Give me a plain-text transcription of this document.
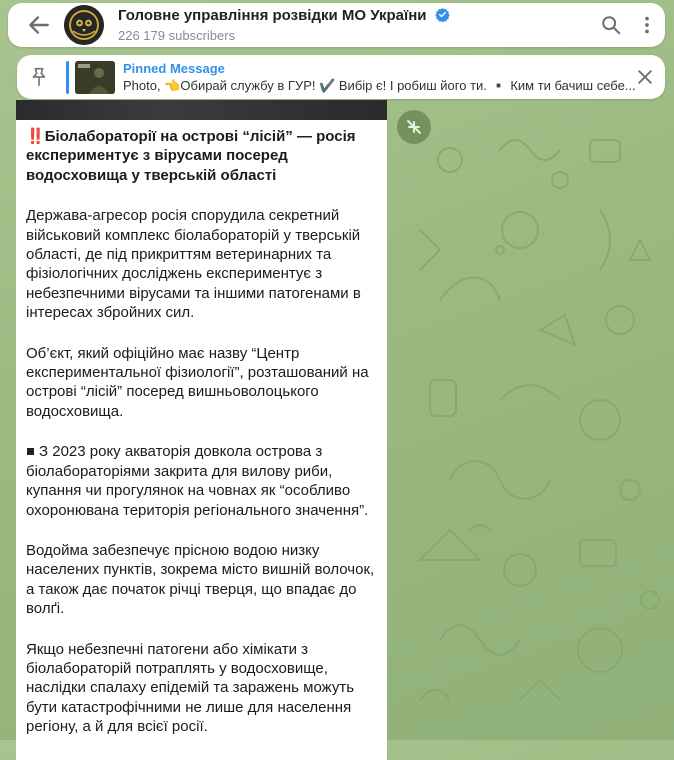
Головне управління розвідки МО України
226 179 subscribers
Pinned Message
Photo, 👈Обирай службу в ГУР! ✔️ Вибір є! І робиш його ти. ▪️ Ким ти бачиш себе...

‼️Біолабораторії на острові “лісій” — росія експериментує з вірусами посеред водосховища у тверській області

Держава-агресор росія спорудила секретний військовий комплекс біолабораторій у тверській області, де під прикриттям ветеринарних та фізіологічних досліджень експериментує з небезпечними вірусами та іншими патогенами в інтересах збройних сил.

Об’єкт, який офіційно має назву “Центр експериментальної фізиології”, розташований на острові “лісій” посеред вишньоволоцького водосховища.

З 2023 року акваторія довкола острова з біолабораторіями закрита для вилову риби, купання чи прогулянок на човнах як “особливо охоронювана територія регіонального значення”.

Водойма забезпечує прісною водою низку населених пунктів, зокрема місто вишній волочок, а також дає початок річці тверця, що впадає до волґі.

Якщо небезпечні патогени або хімікати з біолабораторій потраплять у водосховище, наслідки спалаху епідемій та заражень можуть бути катастрофічними не лише для населення регіону, а й для всієї росії.
